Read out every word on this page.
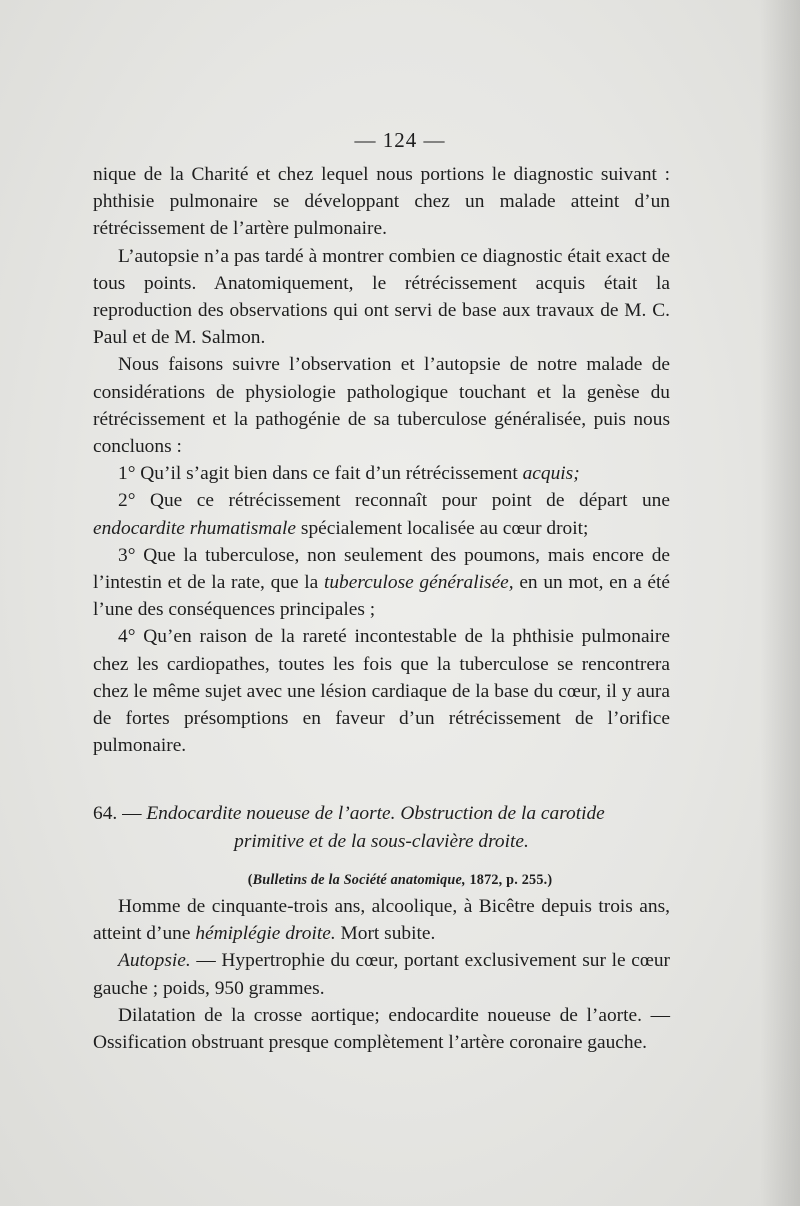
— 124 —

nique de la Charité et chez lequel nous portions le diagnostic suivant : phthisie pulmonaire se développant chez un malade atteint d’un rétrécissement de l’artère pulmonaire.

L’autopsie n’a pas tardé à montrer combien ce diagnostic était exact de tous points. Anatomiquement, le rétrécissement acquis était la reproduction des observations qui ont servi de base aux travaux de M. C. Paul et de M. Salmon.

Nous faisons suivre l’observation et l’autopsie de notre malade de considérations de physiologie pathologique touchant et la genèse du rétrécissement et la pathogénie de sa tuberculose généralisée, puis nous concluons :

1° Qu’il s’agit bien dans ce fait d’un rétrécissement acquis;

2° Que ce rétrécissement reconnaît pour point de départ une endocardite rhumatismale spécialement localisée au cœur droit;

3° Que la tuberculose, non seulement des poumons, mais encore de l’intestin et de la rate, que la tuberculose généralisée, en un mot, en a été l’une des conséquences principales ;

4° Qu’en raison de la rareté incontestable de la phthisie pulmonaire chez les cardiopathes, toutes les fois que la tuberculose se rencontrera chez le même sujet avec une lésion cardiaque de la base du cœur, il y aura de fortes présomptions en faveur d’un rétrécissement de l’orifice pulmonaire.

64. — Endocardite noueuse de l’aorte. Obstruction de la carotide
primitive et de la sous-clavière droite.
(Bulletins de la Société anatomique, 1872, p. 255.)

Homme de cinquante-trois ans, alcoolique, à Bicêtre depuis trois ans, atteint d’une hémiplégie droite. Mort subite.

Autopsie. — Hypertrophie du cœur, portant exclusivement sur le cœur gauche ; poids, 950 grammes.

Dilatation de la crosse aortique; endocardite noueuse de l’aorte. — Ossification obstruant presque complètement l’artère coronaire gauche.
